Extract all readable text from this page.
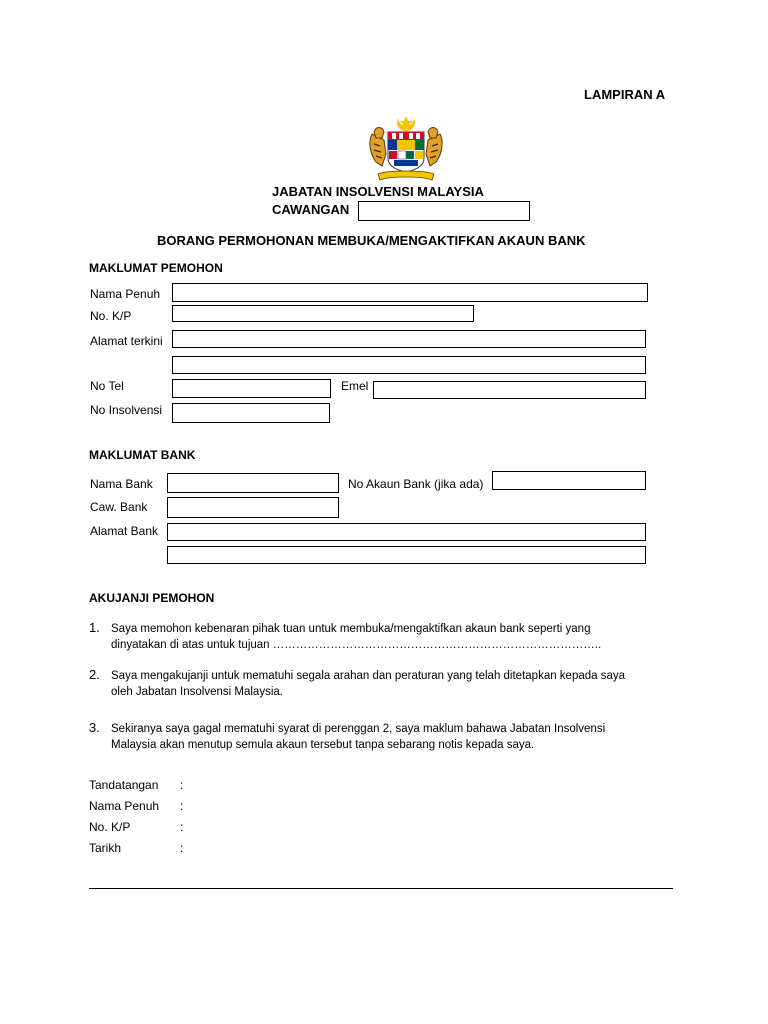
LAMPIRAN A
JABATAN INSOLVENSI MALAYSIA
CAWANGAN
BORANG PERMOHONAN MEMBUKA/MENGAKTIFKAN AKAUN BANK
MAKLUMAT PEMOHON
Nama Penuh
No. K/P
Alamat terkini
No Tel	Emel
No Insolvensi
MAKLUMAT BANK
Nama Bank	No Akaun Bank (jika ada)
Caw. Bank
Alamat Bank
AKUJANJI PEMOHON
1. Saya memohon kebenaran pihak tuan untuk membuka/mengaktifkan akaun bank seperti yang
dinyatakan di atas untuk tujuan …………………………………………………………………………..
2. Saya mengakujanji untuk mematuhi segala arahan dan peraturan yang telah ditetapkan kepada saya
oleh Jabatan Insolvensi Malaysia.
3. Sekiranya saya gagal mematuhi syarat di perenggan 2, saya maklum bahawa Jabatan Insolvensi
Malaysia akan menutup semula akaun tersebut tanpa sebarang notis kepada saya.
Tandatangan :
Nama Penuh :
No. K/P	:
Tarikh	:
